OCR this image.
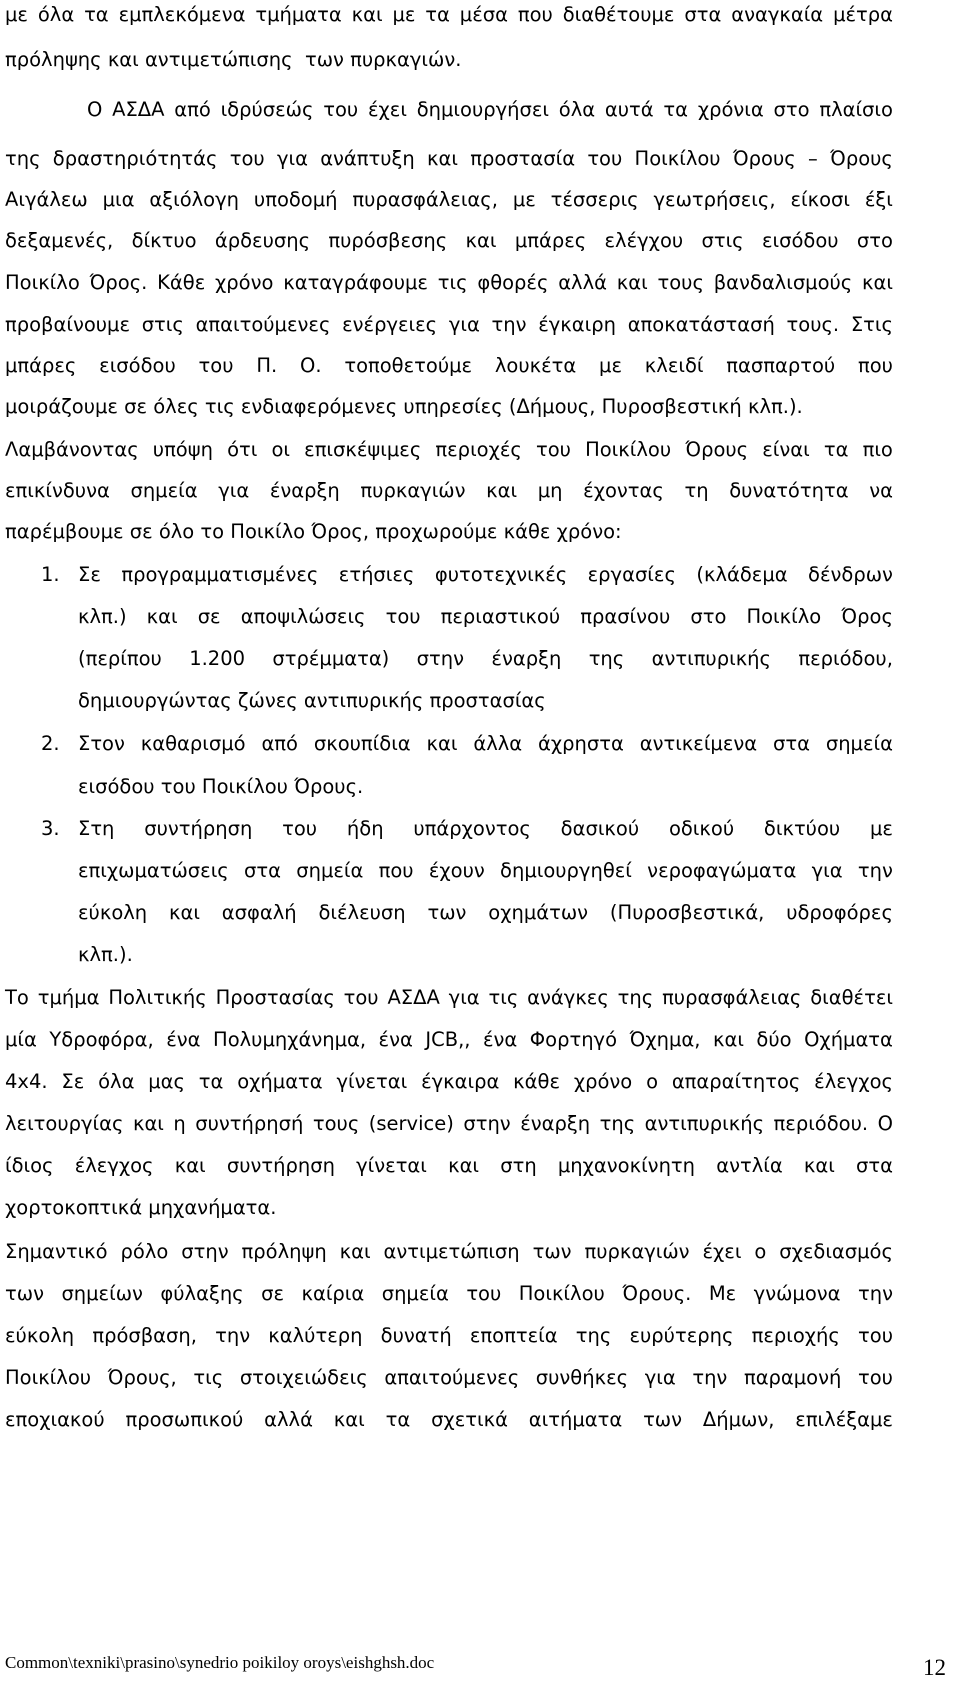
με όλα τα εμπλεκόμενα τμήματα και με τα μέσα που διαθέτουμε στα αναγκαία μέτρα
πρόληψης και αντιμετώπισης  των πυρκαγιών.
Ο ΑΣΔΑ από ιδρύσεώς του έχει δημιουργήσει όλα αυτά τα χρόνια στο πλαίσιο
της δραστηριότητάς του για ανάπτυξη και προστασία του Ποικίλου Όρους – Όρους
Αιγάλεω μια αξιόλογη υποδομή πυρασφάλειας, με τέσσερις γεωτρήσεις, είκοσι έξι
δεξαμενές, δίκτυο άρδευσης πυρόσβεσης και μπάρες ελέγχου στις εισόδου στο
Ποικίλο Όρος. Κάθε χρόνο καταγράφουμε τις φθορές αλλά και τους βανδαλισμούς και
προβαίνουμε στις απαιτούμενες ενέργειες για την έγκαιρη αποκατάστασή τους. Στις
μπάρες εισόδου του Π. Ο. τοποθετούμε λουκέτα με κλειδί πασπαρτού που
μοιράζουμε σε όλες τις ενδιαφερόμενες υπηρεσίες (Δήμους, Πυροσβεστική κλπ.).
Λαμβάνοντας υπόψη ότι οι επισκέψιμες περιοχές του Ποικίλου Όρους είναι τα πιο
επικίνδυνα σημεία για έναρξη πυρκαγιών και μη έχοντας τη δυνατότητα να
παρέμβουμε σε όλο το Ποικίλο Όρος, προχωρούμε κάθε χρόνο:
1. Σε προγραμματισμένες ετήσιες φυτοτεχνικές εργασίες (κλάδεμα δένδρων
κλπ.) και σε αποψιλώσεις του περιαστικού πρασίνου στο Ποικίλο Όρος
(περίπου 1.200 στρέμματα) στην έναρξη της αντιπυρικής περιόδου,
δημιουργώντας ζώνες αντιπυρικής προστασίας
2. Στον καθαρισμό από σκουπίδια και άλλα άχρηστα αντικείμενα στα σημεία
εισόδου του Ποικίλου Όρους.
3. Στη συντήρηση του ήδη υπάρχοντος δασικού οδικού δικτύου με
επιχωματώσεις στα σημεία που έχουν δημιουργηθεί νεροφαγώματα για την
εύκολη και ασφαλή διέλευση των οχημάτων (Πυροσβεστικά, υδροφόρες
κλπ.).
Το τμήμα Πολιτικής Προστασίας του ΑΣΔΑ για τις ανάγκες της πυρασφάλειας διαθέτει
μία Υδροφόρα, ένα Πολυμηχάνημα, ένα JCB,, ένα Φορτηγό Όχημα, και δύο Οχήματα
4x4. Σε όλα μας τα οχήματα γίνεται έγκαιρα κάθε χρόνο ο απαραίτητος έλεγχος
λειτουργίας και η συντήρησή τους (service) στην έναρξη της αντιπυρικής περιόδου. Ο
ίδιος έλεγχος και συντήρηση γίνεται και στη μηχανοκίνητη αντλία και στα
χορτοκοπτικά μηχανήματα.
Σημαντικό ρόλο στην πρόληψη και αντιμετώπιση των πυρκαγιών έχει ο σχεδιασμός
των σημείων φύλαξης σε καίρια σημεία του Ποικίλου Όρους. Με γνώμονα την
εύκολη πρόσβαση, την καλύτερη δυνατή εποπτεία της ευρύτερης περιοχής του
Ποικίλου Όρους, τις στοιχειώδεις απαιτούμενες συνθήκες για την παραμονή του
εποχιακού προσωπικού αλλά και τα σχετικά αιτήματα των Δήμων, επιλέξαμε
Common\texniki\prasino\synedrio poikiloy oroys\eishghsh.doc	12
